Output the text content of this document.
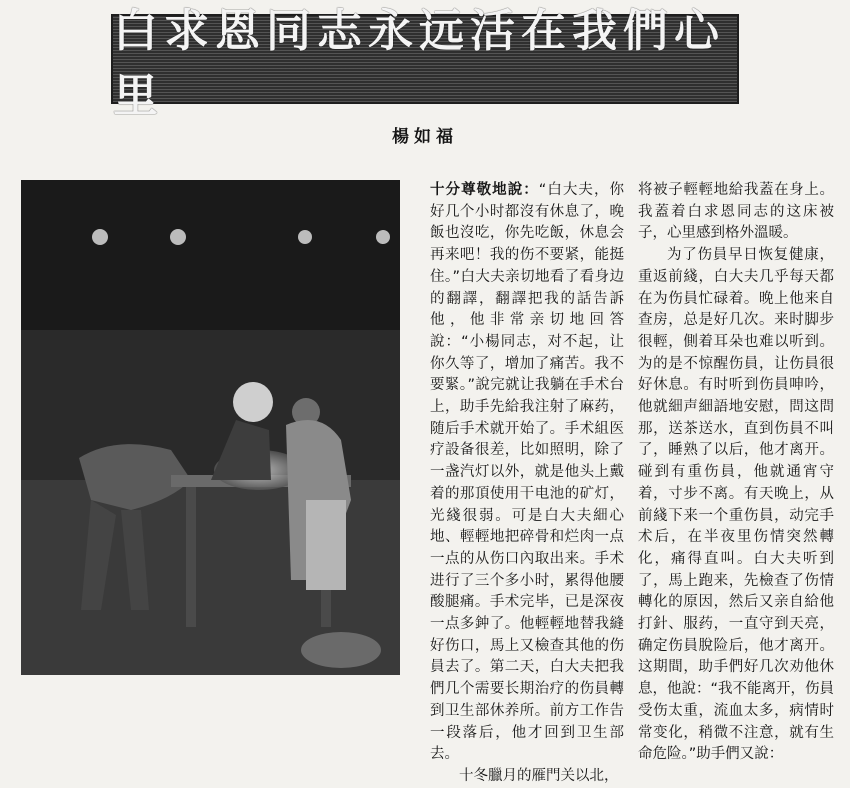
白求恩同志永远活在我們心里
楊如福

十分尊敬地說：“白大夫，你好几个小时都沒有休息了，晚飯也沒吃，你先吃飯，休息会再来吧！我的伤不要紧，能挺住。”白大夫亲切地看了看身边的翻譯，翻譯把我的話告訴他，他非常亲切地回答說：“小楊同志，对不起，让你久等了，增加了痛苦。我不要緊。”說完就让我躺在手术台上，助手先給我注射了麻药，随后手术就开始了。手术組医疗設备很差，比如照明，除了一盏汽灯以外，就是他头上戴着的那頂使用干电池的矿灯，光綫很弱。可是白大夫細心地、輕輕地把碎骨和烂肉一点一点的从伤口內取出来。手术进行了三个多小时，累得他腰酸腿痛。手术完毕，已是深夜一点多鈡了。他輕輕地替我縫好伤口，馬上又檢查其他的伤員去了。第二天，白大夫把我們几个需要长期治疗的伤員轉到卫生部休养所。前方工作告一段落后，他才回到卫生部去。

十冬臘月的雁門关以北，

将被子輕輕地給我蓋在身上。我蓋着白求恩同志的这床被子，心里感到格外溫暖。

为了伤員早日恢复健康，重返前綫，白大夫几乎每天都在为伤員忙碌着。晚上他来自查房，总是好几次。来时脚步很輕，側着耳朵也难以听到。为的是不惊醒伤員，让伤員很好休息。有时听到伤員呻吟，他就細声細語地安慰，問这問那，送茶送水，直到伤員不叫了，睡熟了以后，他才离开。碰到有重伤員，他就通宵守着，寸步不离。有天晚上，从前綫下来一个重伤員，动完手术后，在半夜里伤情突然轉化，痛得直叫。白大夫听到了，馬上跑来，先檢查了伤情轉化的原因，然后又亲自給他打針、服药，一直守到天亮，确定伤員脫险后，他才离开。这期間，助手們好几次劝他休息，他說：“我不能离开，伤員受伤太重，流血太多，病情时常变化，稍微不注意，就有生命危险。”助手們又說：
